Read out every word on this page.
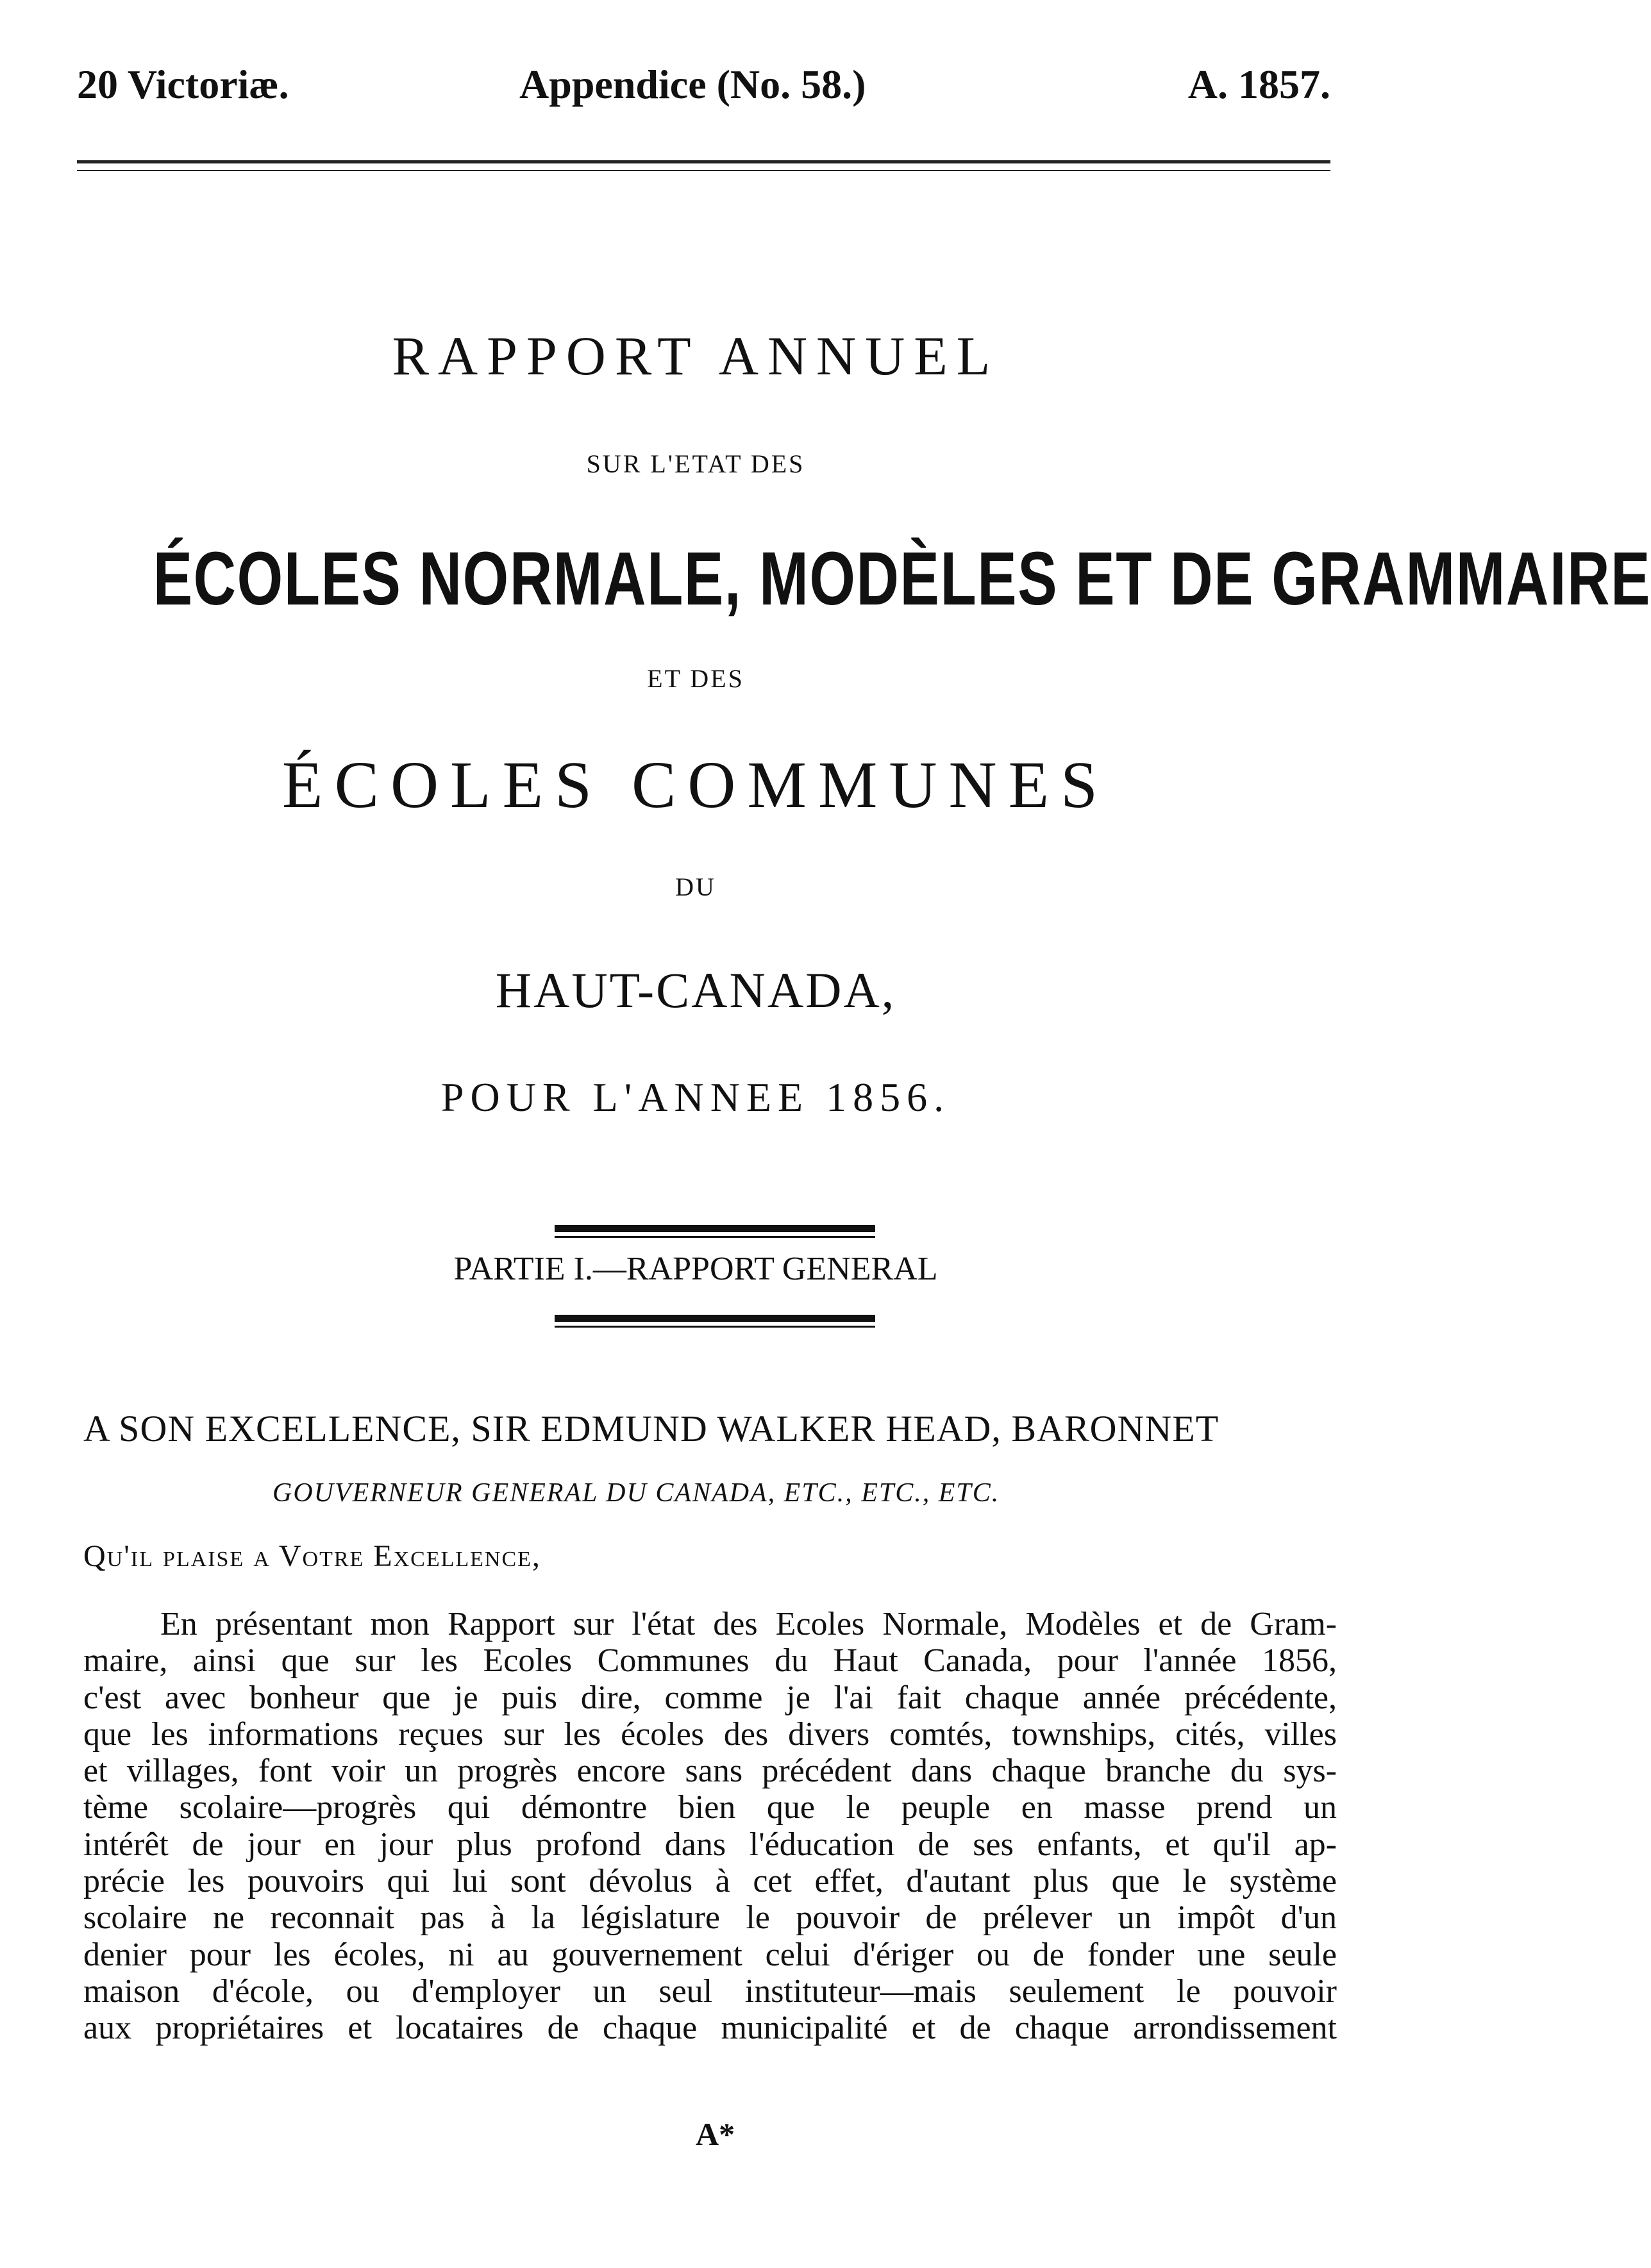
20 Victoriæ.	Appendice (No. 58.)	A. 1857.
RAPPORT ANNUEL
SUR L'ETAT DES
ÉCOLES NORMALE, MODÈLES ET DE GRAMMAIRE
ET DES
ÉCOLES COMMUNES
DU
HAUT-CANADA,
POUR L'ANNEE 1856.
PARTIE I.—RAPPORT GENERAL
A SON EXCELLENCE, SIR EDMUND WALKER HEAD, BARONNET
GOUVERNEUR GENERAL DU CANADA, ETC., ETC., ETC.
Qu'il plaise a Votre Excellence,
En présentant mon Rapport sur l'état des Ecoles Normale, Modèles et de Gram-
maire, ainsi que sur les Ecoles Communes du Haut Canada, pour l'année 1856,
c'est avec bonheur que je puis dire, comme je l'ai fait chaque année précédente,
que les informations reçues sur les écoles des divers comtés, townships, cités, villes
et villages, font voir un progrès encore sans précédent dans chaque branche du sys-
tème scolaire—progrès qui démontre bien que le peuple en masse prend un
intérêt de jour en jour plus profond dans l'éducation de ses enfants, et qu'il ap-
précie les pouvoirs qui lui sont dévolus à cet effet, d'autant plus que le système
scolaire ne reconnait pas à la législature le pouvoir de prélever un impôt d'un
denier pour les écoles, ni au gouvernement celui d'ériger ou de fonder une seule
maison d'école, ou d'employer un seul instituteur—mais seulement le pouvoir
aux propriétaires et locataires de chaque municipalité et de chaque arrondissement
A*
